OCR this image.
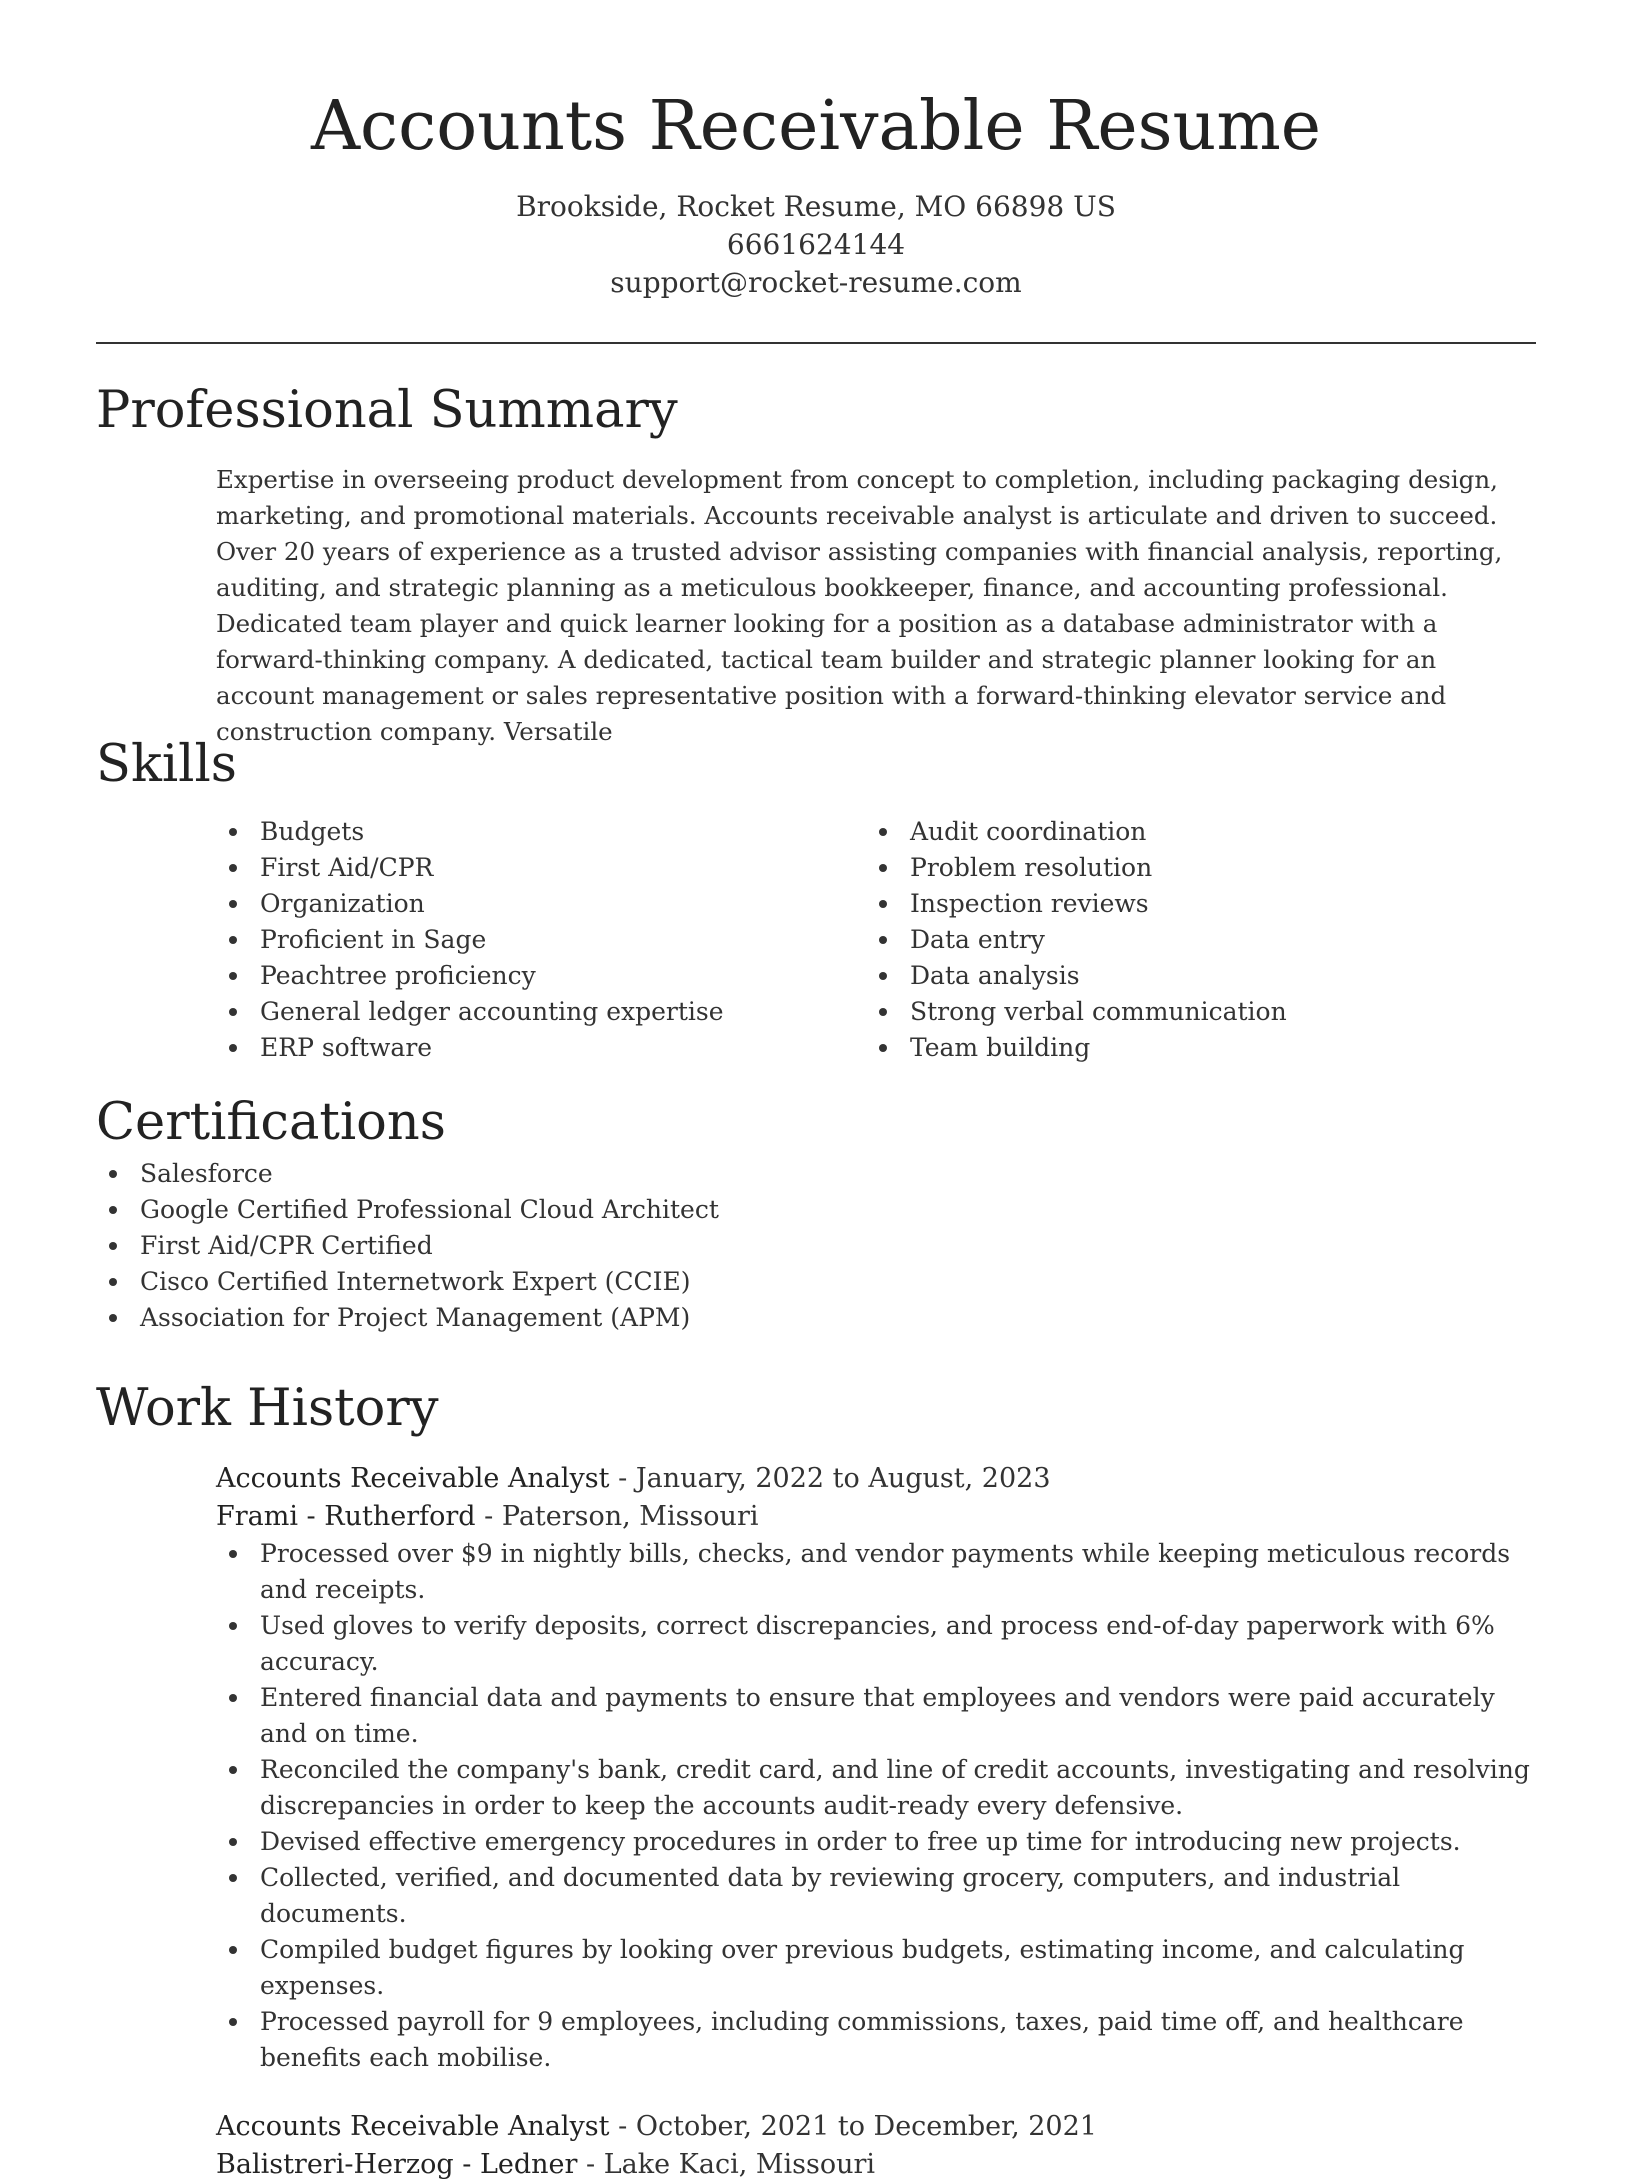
Accounts Receivable Resume
Brookside, Rocket Resume, MO 66898 US
6661624144
support@rocket-resume.com
Professional Summary
Expertise in overseeing product development from concept to completion, including packaging design, marketing, and promotional materials. Accounts receivable analyst is articulate and driven to succeed. Over 20 years of experience as a trusted advisor assisting companies with financial analysis, reporting, auditing, and strategic planning as a meticulous bookkeeper, finance, and accounting professional. Dedicated team player and quick learner looking for a position as a database administrator with a forward-thinking company. A dedicated, tactical team builder and strategic planner looking for an account management or sales representative position with a forward-thinking elevator service and construction company. Versatile
Skills
Budgets
First Aid/CPR
Organization
Proficient in Sage
Peachtree proficiency
General ledger accounting expertise
ERP software
Audit coordination
Problem resolution
Inspection reviews
Data entry
Data analysis
Strong verbal communication
Team building
Certifications
Salesforce
Google Certified Professional Cloud Architect
First Aid/CPR Certified
Cisco Certified Internetwork Expert (CCIE)
Association for Project Management (APM)
Work History
Accounts Receivable Analyst - January, 2022 to August, 2023
Frami - Rutherford - Paterson, Missouri
Processed over $9 in nightly bills, checks, and vendor payments while keeping meticulous records and receipts.
Used gloves to verify deposits, correct discrepancies, and process end-of-day paperwork with 6% accuracy.
Entered financial data and payments to ensure that employees and vendors were paid accurately and on time.
Reconciled the company's bank, credit card, and line of credit accounts, investigating and resolving discrepancies in order to keep the accounts audit-ready every defensive.
Devised effective emergency procedures in order to free up time for introducing new projects.
Collected, verified, and documented data by reviewing grocery, computers, and industrial documents.
Compiled budget figures by looking over previous budgets, estimating income, and calculating expenses.
Processed payroll for 9 employees, including commissions, taxes, paid time off, and healthcare benefits each mobilise.
Accounts Receivable Analyst - October, 2021 to December, 2021
Balistreri-Herzog - Ledner - Lake Kaci, Missouri
